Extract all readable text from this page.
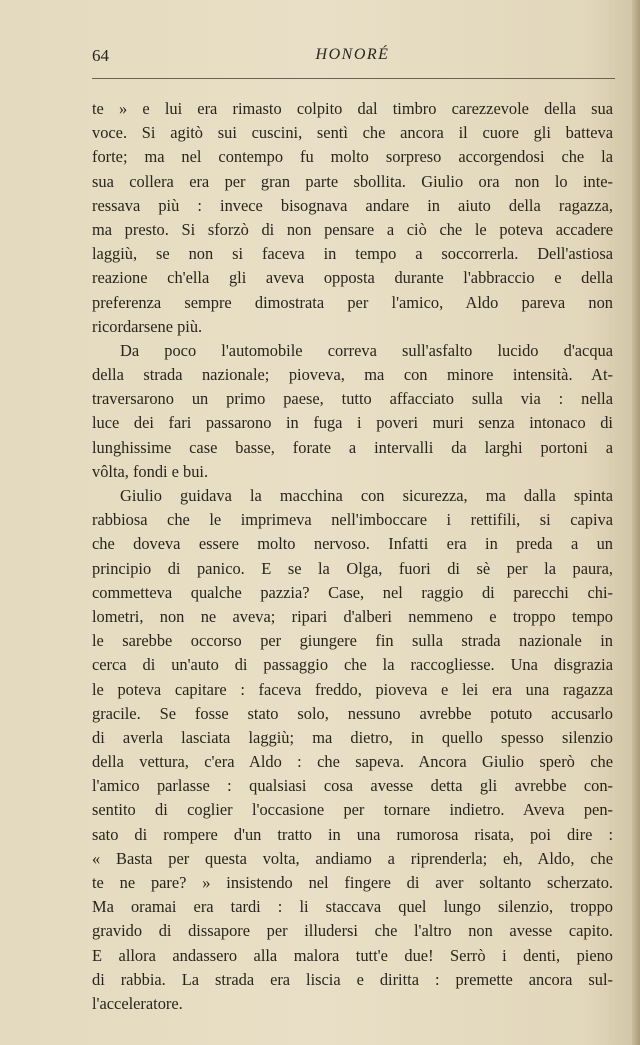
64	HONORÉ
te » e lui era rimasto colpito dal timbro carezzevole della sua
voce. Si agitò sui cuscini, sentì che ancora il cuore gli batteva
forte; ma nel contempo fu molto sorpreso accorgendosi che la
sua collera era per gran parte sbollita. Giulio ora non lo inte-
ressava più : invece bisognava andare in aiuto della ragazza,
ma presto. Si sforzò di non pensare a ciò che le poteva accadere
laggiù, se non si faceva in tempo a soccorrerla. Dell'astiosa
reazione ch'ella gli aveva opposta durante l'abbraccio e della
preferenza sempre dimostrata per l'amico, Aldo pareva non
ricordarsene più.
Da poco l'automobile correva sull'asfalto lucido d'acqua
della strada nazionale; pioveva, ma con minore intensità. At-
traversarono un primo paese, tutto affacciato sulla via : nella
luce dei fari passarono in fuga i poveri muri senza intonaco di
lunghissime case basse, forate a intervalli da larghi portoni a
vôlta, fondi e bui.
Giulio guidava la macchina con sicurezza, ma dalla spinta
rabbiosa che le imprimeva nell'imboccare i rettifili, si capiva
che doveva essere molto nervoso. Infatti era in preda a un
principio di panico. E se la Olga, fuori di sè per la paura,
commetteva qualche pazzia? Case, nel raggio di parecchi chi-
lometri, non ne aveva; ripari d'alberi nemmeno e troppo tempo
le sarebbe occorso per giungere fin sulla strada nazionale in
cerca di un'auto di passaggio che la raccogliesse. Una disgrazia
le poteva capitare : faceva freddo, pioveva e lei era una ragazza
gracile. Se fosse stato solo, nessuno avrebbe potuto accusarlo
di averla lasciata laggiù; ma dietro, in quello spesso silenzio
della vettura, c'era Aldo : che sapeva. Ancora Giulio sperò che
l'amico parlasse : qualsiasi cosa avesse detta gli avrebbe con-
sentito di coglier l'occasione per tornare indietro. Aveva pen-
sato di rompere d'un tratto in una rumorosa risata, poi dire :
« Basta per questa volta, andiamo a riprenderla; eh, Aldo, che
te ne pare? » insistendo nel fingere di aver soltanto scherzato.
Ma oramai era tardi : li staccava quel lungo silenzio, troppo
gravido di dissapore per illudersi che l'altro non avesse capito.
E allora andassero alla malora tutt'e due! Serrò i denti, pieno
di rabbia. La strada era liscia e diritta : premette ancora sul-
l'acceleratore.
